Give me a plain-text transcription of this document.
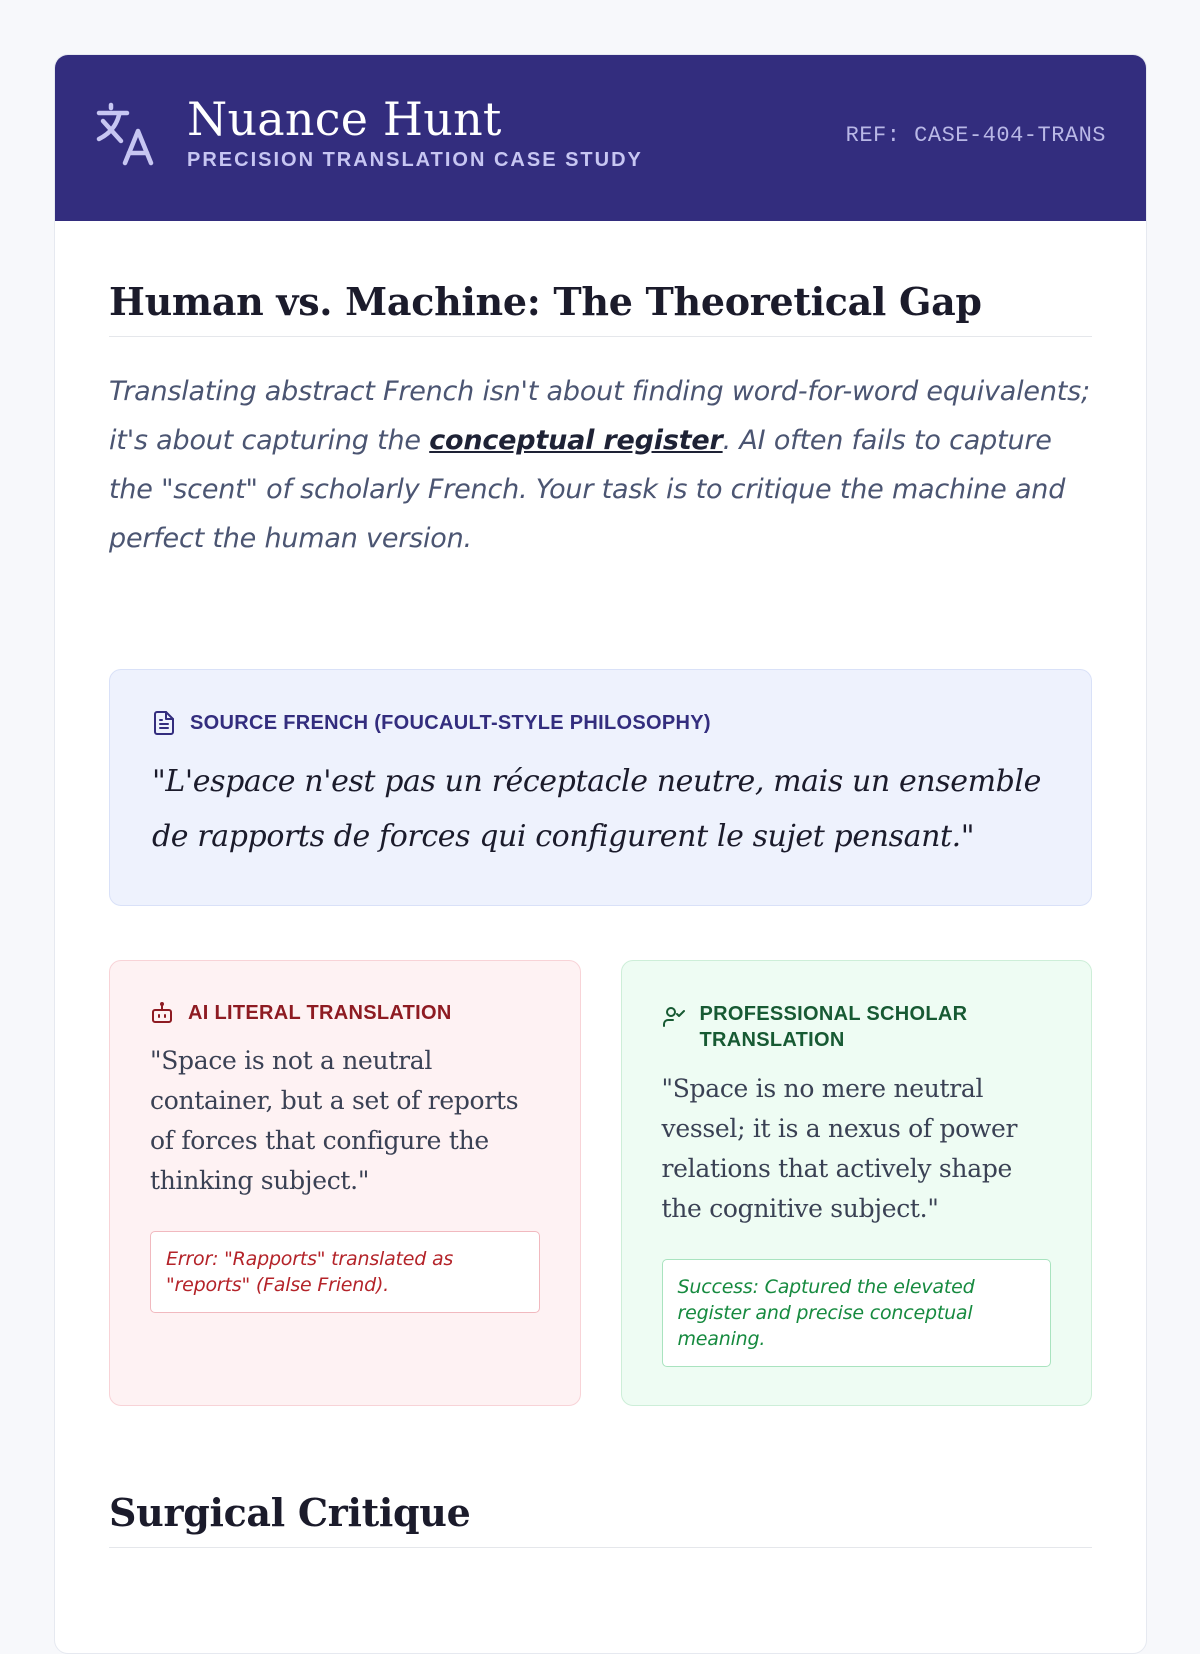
Nuance Hunt
PRECISION TRANSLATION CASE STUDY
REF: CASE-404-TRANS
Human vs. Machine: The Theoretical Gap

Translating abstract French isn't about finding word-for-word equivalents; it's about capturing the conceptual register. AI often fails to capture the "scent" of scholarly French. Your task is to critique the machine and perfect the human version.

SOURCE FRENCH (FOUCAULT-STYLE PHILOSOPHY)

"L'espace n'est pas un réceptacle neutre, mais un ensemble de rapports de forces qui configurent le sujet pensant."

AI LITERAL TRANSLATION

"Space is not a neutral container, but a set of reports of forces that configure the thinking subject."

Error: "Rapports" translated as "reports" (False Friend).
PROFESSIONAL SCHOLAR TRANSLATION

"Space is no mere neutral vessel; it is a nexus of power relations that actively shape the cognitive subject."

Success: Captured the elevated register and precise conceptual meaning.
Surgical Critique
